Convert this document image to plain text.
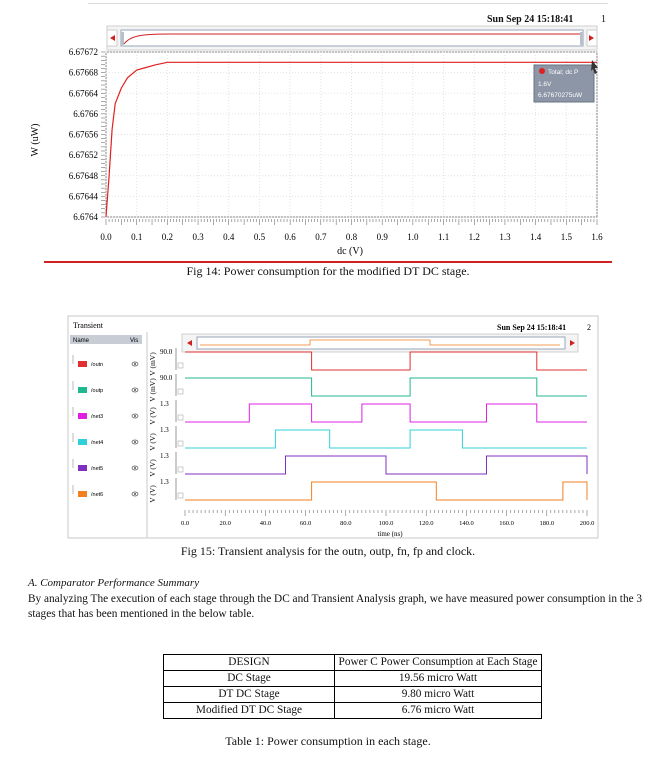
Sun Sep 24 15:18:41	1
0.0 0.1 0.2 0.3 0.4 0.5 0.6 0.7 0.8 0.9 1.0 1.1 1.2 1.3 1.4 1.5 1.6
6.67672
6.67668
6.67664
6.6766
6.67656
6.67652
6.67648
6.67644
6.6764
W (uW)
dc (V)
Total; dc P
1.6V
6.67670275uW
Fig 14: Power consumption for the modified DT DC stage.
Transient
Name	Vis
Sun Sep 24 15:18:41	2
/outn
/outp
/net3
/net4
/net5
/net6
V (mV)
90.0
V (mV)
90.0
V (V)
1.3
V (V)
1.3
V (V)
1.3
V (V)
1.3
0.0	20.0	40.0	60.0	80.0	100.0	120.0	140.0	160.0	180.0	200.0
time (ns)
Fig 15: Transient analysis for the outn, outp, fn, fp and clock.
A. Comparator Performance Summary
By analyzing The execution of each stage through the DC and Transient Analysis graph, we have measured power consumption in the 3 stages that has been mentioned in the below table.
DESIGN	Power C Power Consumption at Each Stage
DC Stage	19.56 micro Watt
DT DC Stage	9.80 micro Watt
Modified DT DC Stage	6.76 micro Watt
Table 1: Power consumption in each stage.
